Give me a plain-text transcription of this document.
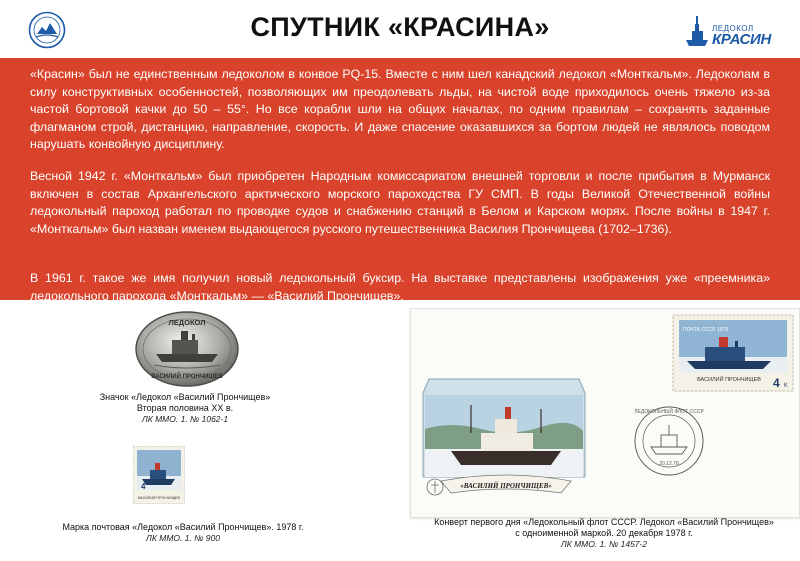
СПУТНИК «КРАСИНА»	ЛЕДОКОЛ
КРАСИН

«Красин» был не единственным ледоколом в конвое PQ-15. Вместе с ним шел канадский ледокол «Монткальм». Ледоколам в силу конструктивных особенностей, позволяющих им преодолевать льды, на чистой воде приходилось очень тяжело из-за частой бортовой качки до 50 – 55°. Но все корабли шли на общих началах, по одним правилам – сохранять заданные флагманом строй, дистанцию, направление, скорость. И даже спасение оказавшихся за бортом людей не являлось поводом нарушать конвойную дисциплину.

Весной 1942 г. «Монткальм» был приобретен Народным комиссариатом внешней торговли и после прибытия в Мурманск включен в состав Архангельского арктического морского пароходства ГУ СМП. В годы Великой Отечественной войны ледокольный пароход работал по проводке судов и снабжению станций в Белом и Карском морях. После войны в 1947 г. «Монткальм» был назван именем выдающегося русского путешественника Василия Прончищева (1702–1736).

В 1961 г. такое же имя получил новый ледокольный буксир. На выставке представлены изображения уже «преемника» ледокольного парохода «Монткальм» — «Василий Прончищев».

ЛЕДОКОЛ
ВАСИЛИЙ ПРОНЧИЩЕВ
Значок «Ледокол «Василий Прончищев»
Вторая половина XX в.
ЛК ММО. 1. № 1062-1
4
ВАСИЛИЙ ПРОНЧИЩЕВ
Марка почтовая «Ледокол «Василий Прончищев». 1978 г.
ЛК ММО. 1. № 900
ПОЧТА СССР 1978
ВАСИЛИЙ ПРОНЧИЩЕВ 4 К
ЛЕДОКОЛЬНЫЙ ФЛОТ СССР
20.12.78
«ВАСИЛИЙ ПРОНЧИЩЕВ»
Конверт первого дня «Ледокольный флот СССР. Ледокол «Василий Прончищев»
с одноименной маркой. 20 декабря 1978 г.
ЛК ММО. 1. № 1457-2
